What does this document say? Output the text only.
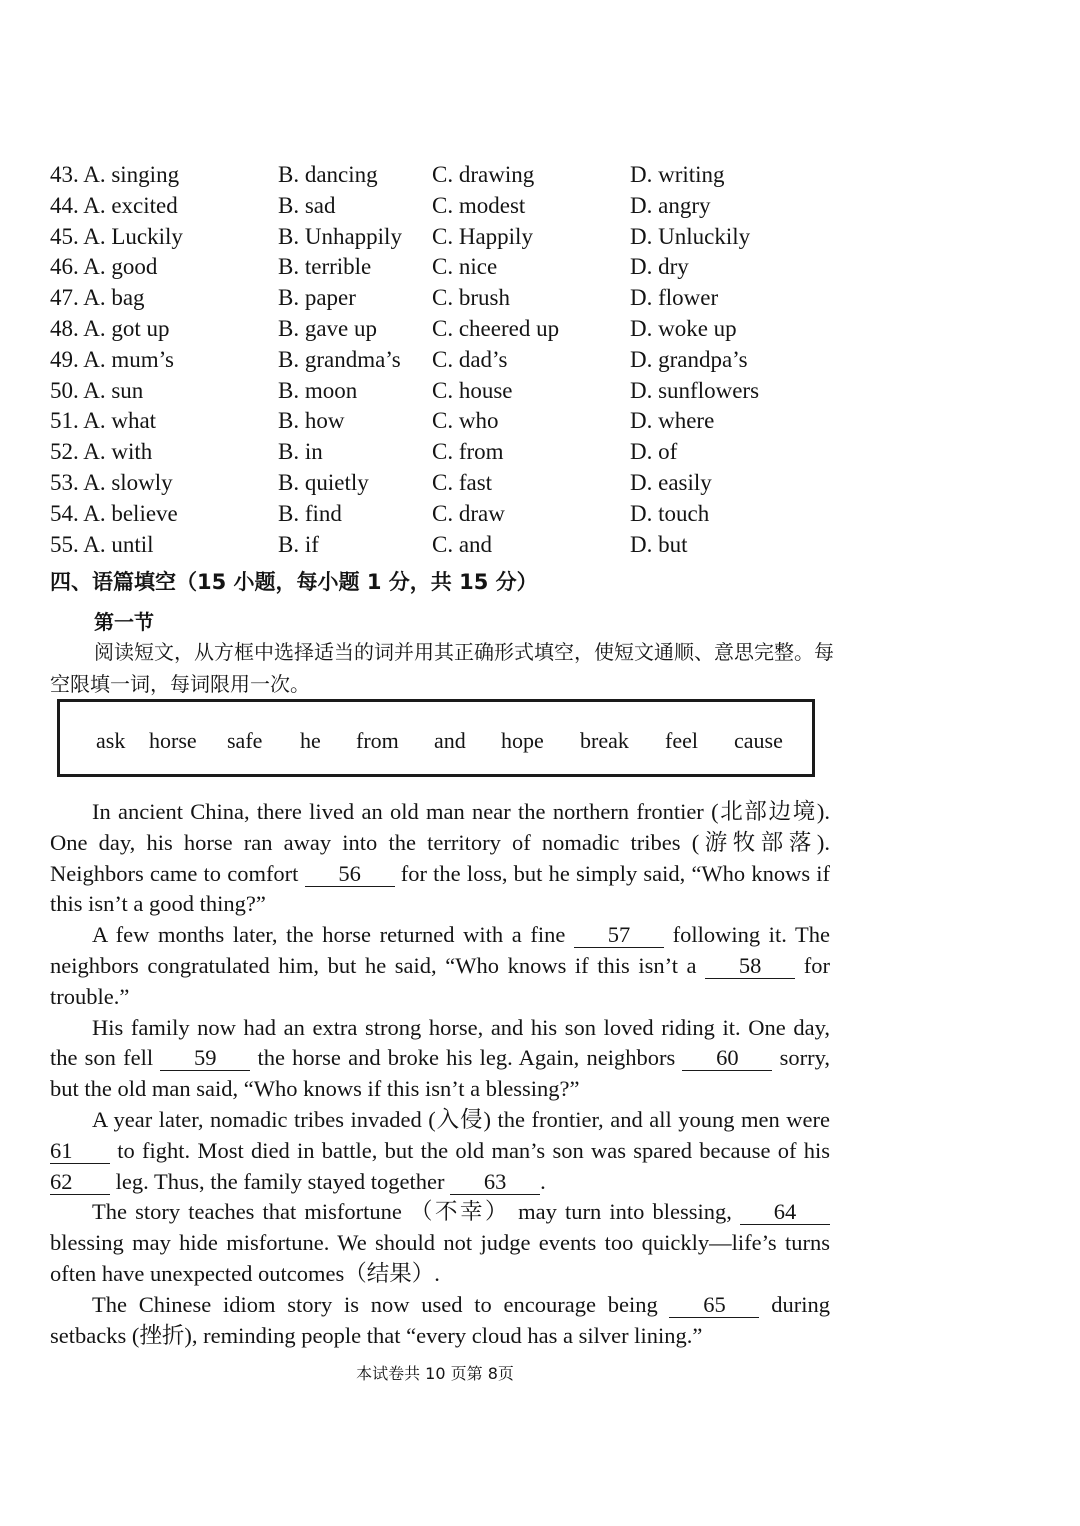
43. A. singing	B. dancing C. drawing	D. writing
44. A. excited	B. sad	C. modest	D. angry
45. A. Luckily	B. Unhappily C. Happily	D. Unluckily
46. A. good	B. terrible	C. nice	D. dry
47. A. bag	B. paper	C. brush	D. flower
48. A. got up	B. gave up C. cheered up	D. woke up
49. A. mum’s	B. grandma’s C. dad’s	D. grandpa’s
50. A. sun	B. moon	C. house	D. sunflowers
51. A. what	B. how	C. who	D. where
52. A. with	B. in	C. from	D. of
53. A. slowly	B. quietly	C. fast	D. easily
54. A. believe	B. find	C. draw	D. touch
55. A. until	B. if	C. and	D. but
四、语篇填空（15 小题，每小题 1 分，共 15 分）
第一节
阅读短文，从方框中选择适当的词并用其正确形式填空，使短文通顺、意思完整。每空限填一词，每词限用一次。
ask horse safe he from and hope break feel cause

In ancient China, there lived an old man near the northern frontier (北部边境). One day, his horse ran away into the territory of nomadic tribes (游牧部落). Neighbors came to comfort 56 for the loss, but he simply said, “Who knows if this isn’t a good thing?”

A few months later, the horse returned with a fine 57 following it. The neighbors congratulated him, but he said, “Who knows if this isn’t a 58 for trouble.”

His family now had an extra strong horse, and his son loved riding it. One day, the son fell 59 the horse and broke his leg. Again, neighbors 60 sorry, but the old man said, “Who knows if this isn’t a blessing?”

A year later, nomadic tribes invaded (入侵) the frontier, and all young men were 61 to fight. Most died in battle, but the old man’s son was spared because of his 62 leg. Thus, the family stayed together 63 .

The story teaches that misfortune （不幸） may turn into blessing, 64 blessing may hide misfortune. We should not judge events too quickly—life’s turns often have unexpected outcomes（结果）.

The Chinese idiom story is now used to encourage being 65 during setbacks (挫折), reminding people that “every cloud has a silver lining.”

本试卷共 10 页第 8页
